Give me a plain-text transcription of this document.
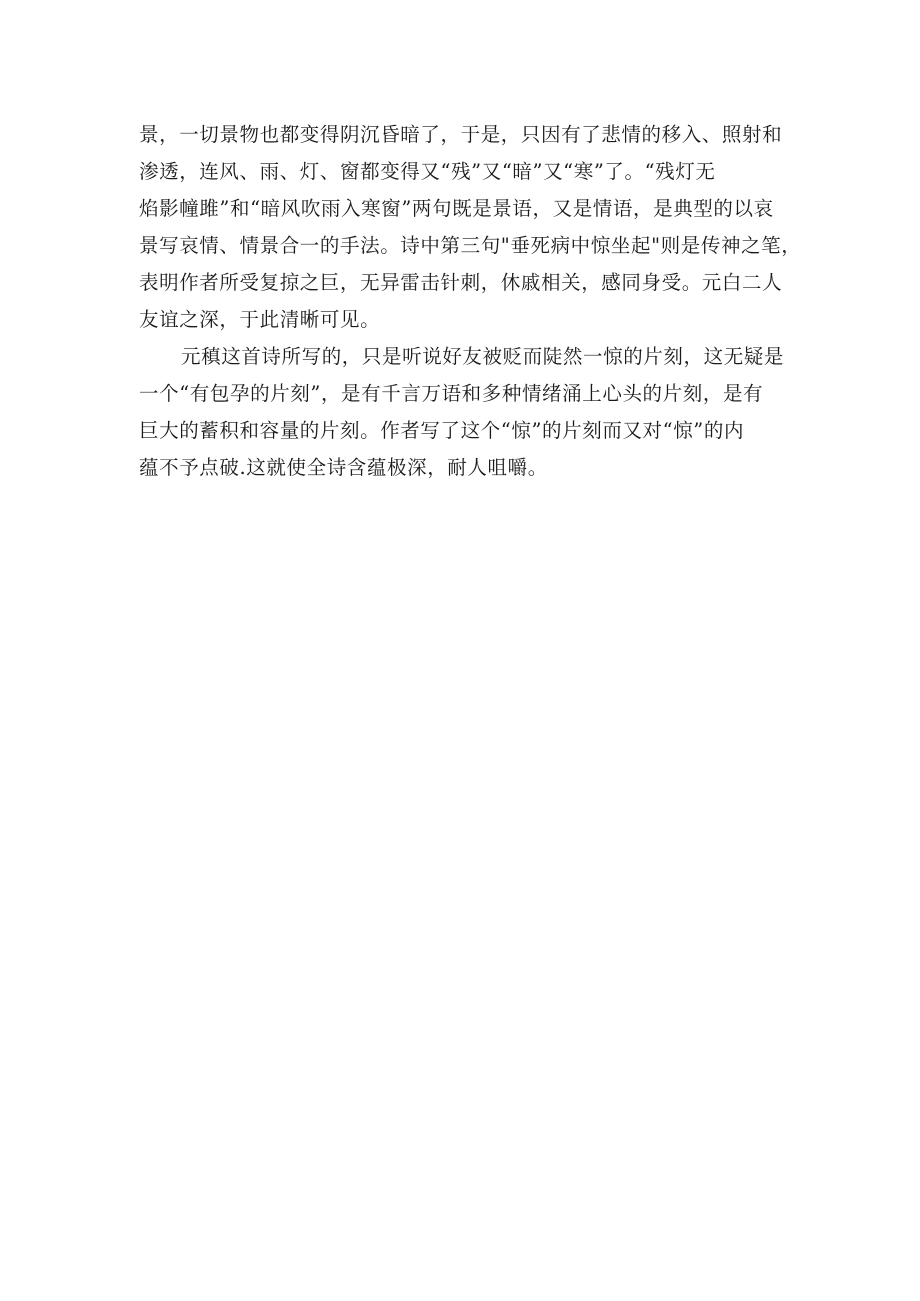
景，一切景物也都变得阴沉昏暗了，于是，只因有了悲情的移入、照射和
渗透，连风、雨、灯、窗都变得又“残”又“暗”又“寒”了。“残灯无
焰影幢雎”和“暗风吹雨入寒窗”两句既是景语，又是情语，是典型的以哀
景写哀情、情景合一的手法。诗中第三句"垂死病中惊坐起"则是传神之笔，
表明作者所受复掠之巨，无异雷击针刺，休戚相关，感同身受。元白二人
友谊之深，于此清晰可见。
元稹这首诗所写的，只是听说好友被贬而陡然一惊的片刻，这无疑是
一个“有包孕的片刻”，是有千言万语和多种情绪涌上心头的片刻，是有
巨大的蓄积和容量的片刻。作者写了这个“惊”的片刻而又对“惊”的内
蕴不予点破.这就使全诗含蕴极深，耐人咀嚼。
